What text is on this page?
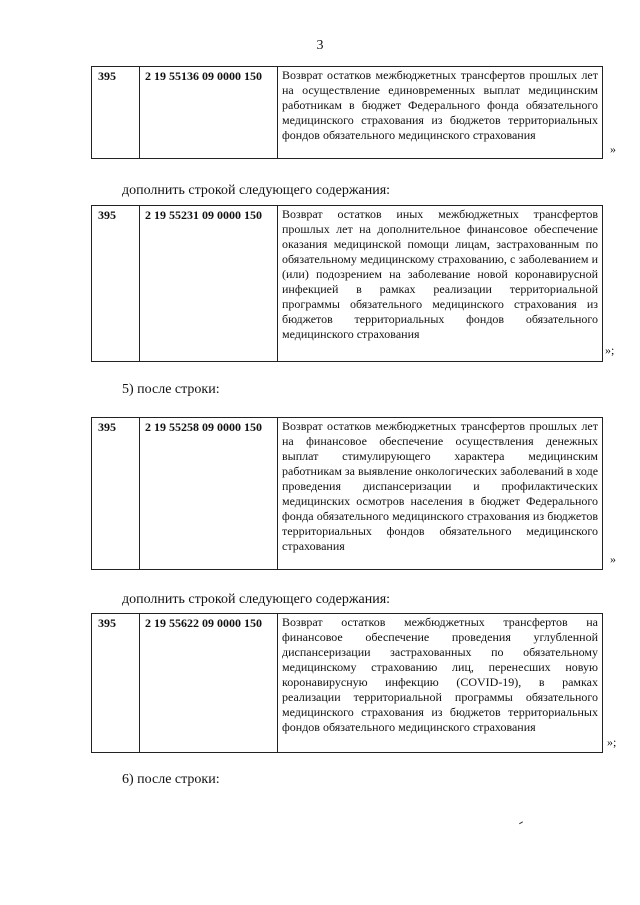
3
395	2 19 55136 09 0000 150	Возврат остатков межбюджетных трансфертов прошлых лет на осуществление единовременных выплат медицинским работникам в бюджет Федерального фонда обязательного медицинского страхования из бюджетов территориальных фондов обязательного медицинского страхования
»
дополнить строкой следующего содержания:
395	2 19 55231 09 0000 150	Возврат остатков иных межбюджетных трансфертов прошлых лет на дополнительное финансовое обеспечение оказания медицинской помощи лицам, застрахованным по обязательному медицинскому страхованию, с заболеванием и (или) подозрением на заболевание новой коронавирусной инфекцией в рамках реализации территориальной программы обязательного медицинского страхования из бюджетов территориальных фондов обязательного медицинского страхования
»;
5) после строки:
395	2 19 55258 09 0000 150	Возврат остатков межбюджетных трансфертов прошлых лет на финансовое обеспечение осуществления денежных выплат стимулирующего характера медицинским работникам за выявление онкологических заболеваний в ходе проведения диспансеризации и профилактических медицинских осмотров населения в бюджет Федерального фонда обязательного медицинского страхования из бюджетов территориальных фондов обязательного медицинского страхования
»
дополнить строкой следующего содержания:
395	2 19 55622 09 0000 150	Возврат остатков межбюджетных трансфертов на финансовое обеспечение проведения углубленной диспансеризации застрахованных по обязательному медицинскому страхованию лиц, перенесших новую коронавирусную инфекцию (COVID-19), в рамках реализации территориальной программы обязательного медицинского страхования из бюджетов территориальных фондов обязательного медицинского страхования
»;
6) после строки:
